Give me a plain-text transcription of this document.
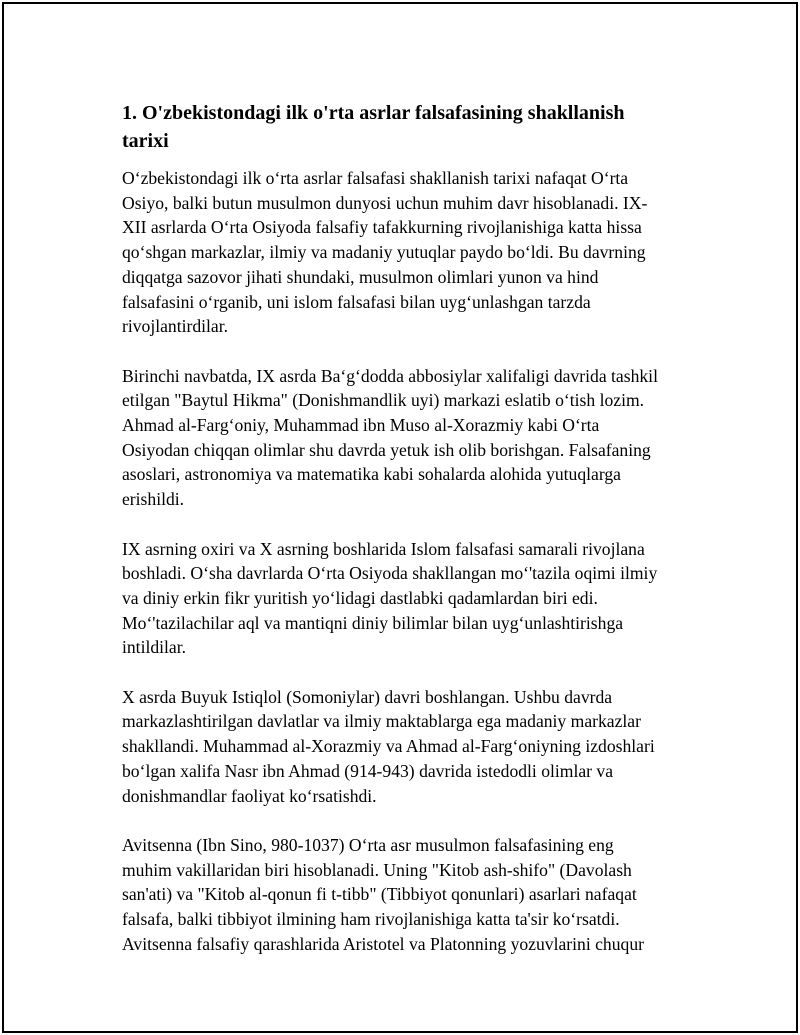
1. O'zbekistondagi ilk o'rta asrlar falsafasining shakllanish
tarixi

O‘zbekistondagi ilk o‘rta asrlar falsafasi shakllanish tarixi nafaqat O‘rta
Osiyo, balki butun musulmon dunyosi uchun muhim davr hisoblanadi. IX-
XII asrlarda O‘rta Osiyoda falsafiy tafakkurning rivojlanishiga katta hissa
qo‘shgan markazlar, ilmiy va madaniy yutuqlar paydo bo‘ldi. Bu davrning
diqqatga sazovor jihati shundaki, musulmon olimlari yunon va hind
falsafasini o‘rganib, uni islom falsafasi bilan uyg‘unlashgan tarzda
rivojlantirdilar.

Birinchi navbatda, IX asrda Ba‘g‘dodda abbosiylar xalifaligi davrida tashkil
etilgan "Baytul Hikma" (Donishmandlik uyi) markazi eslatib o‘tish lozim.
Ahmad al-Farg‘oniy, Muhammad ibn Muso al-Xorazmiy kabi O‘rta
Osiyodan chiqqan olimlar shu davrda yetuk ish olib borishgan. Falsafaning
asoslari, astronomiya va matematika kabi sohalarda alohida yutuqlarga
erishildi.

IX asrning oxiri va X asrning boshlarida Islom falsafasi samarali rivojlana
boshladi. O‘sha davrlarda O‘rta Osiyoda shakllangan mo‘'tazila oqimi ilmiy
va diniy erkin fikr yuritish yo‘lidagi dastlabki qadamlardan biri edi.
Mo‘'tazilachilar aql va mantiqni diniy bilimlar bilan uyg‘unlashtirishga
intildilar.

X asrda Buyuk Istiqlol (Somoniylar) davri boshlangan. Ushbu davrda
markazlashtirilgan davlatlar va ilmiy maktablarga ega madaniy markazlar
shakllandi. Muhammad al-Xorazmiy va Ahmad al-Farg‘oniyning izdoshlari
bo‘lgan xalifa Nasr ibn Ahmad (914-943) davrida istedodli olimlar va
donishmandlar faoliyat ko‘rsatishdi.

Avitsenna (Ibn Sino, 980-1037) O‘rta asr musulmon falsafasining eng
muhim vakillaridan biri hisoblanadi. Uning "Kitob ash-shifo" (Davolash
san'ati) va "Kitob al-qonun fi t-tibb" (Tibbiyot qonunlari) asarlari nafaqat
falsafa, balki tibbiyot ilmining ham rivojlanishiga katta ta'sir ko‘rsatdi.
Avitsenna falsafiy qarashlarida Aristotel va Platonning yozuvlarini chuqur
